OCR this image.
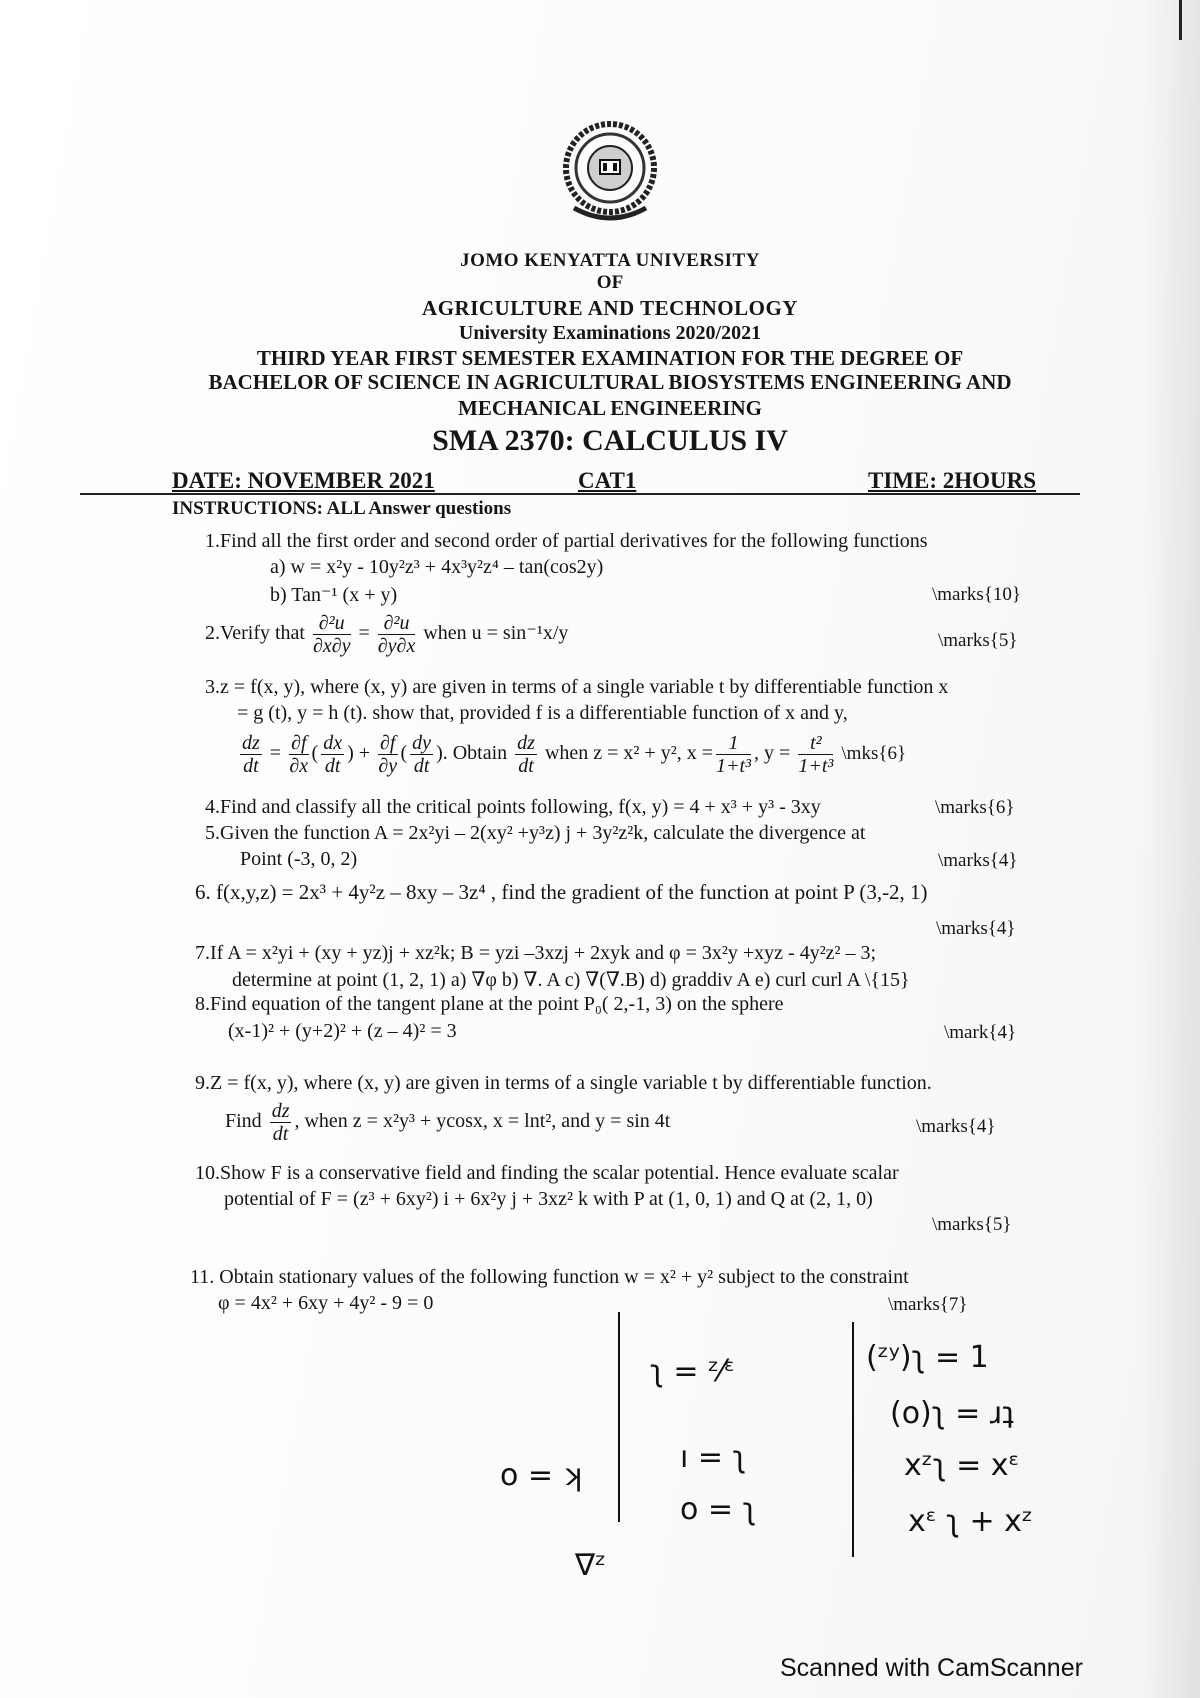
JOMO KENYATTA UNIVERSITY
OF
AGRICULTURE AND TECHNOLOGY
University Examinations 2020/2021
THIRD YEAR FIRST SEMESTER EXAMINATION FOR THE DEGREE OF
BACHELOR OF SCIENCE IN AGRICULTURAL BIOSYSTEMS ENGINEERING AND
MECHANICAL ENGINEERING
SMA 2370: CALCULUS IV
DATE: NOVEMBER 2021	CAT1	TIME: 2HOURS
INSTRUCTIONS: ALL Answer questions
1.Find all the first order and second order of partial derivatives for the following functions
a) w = x²y - 10y²z³ + 4x³y²z⁴ – tan(cos2y)
b) Tan⁻¹ (x + y)	\marks{10}
2.Verify that $\frac{\text{∂²u}}{\partial x\partial y} = \frac{\text{∂²u}}{\partial y\partial x}$ when u = sin⁻¹x/y	\marks{5}
3.z = f(x, y), where (x, y) are given in terms of a single variable t by differentiable function x
= g (t), y = h (t). show that, provided f is a differentiable function of x and y,
$\frac{dz}{dt} = \frac{\partial f}{\partial x}$ ( $\frac{dx}{dt}$ ) + $\frac{\partial f}{\partial y}$ ( $\frac{dy}{dt}$ ). Obtain $\frac{dz}{dt}$ when z = x² + y², $x = \frac{1}{\text{1+t³}}$ , $y = \frac{\text{t²}}{\text{1+t³}}$ \mks{6}
4.Find and classify all the critical points following, f(x, y) = 4 + x³ + y³ - 3xy	\marks{6}
5.Given the function A = 2x²yi – 2(xy² +y³z) j + 3y²z²k, calculate the divergence at
Point (-3, 0, 2)	\marks{4}
6. f(x,y,z) = 2x³ + 4y²z – 8xy – 3z⁴ , find the gradient of the function at point P (3,-2, 1)
\marks{4}
7.If A = x²yi + (xy + yz)j + xz²k; B = yzi –3xzj + 2xyk and φ = 3x²y +xyz - 4y²z² – 3;
determine at point (1, 2, 1) a) ∇φ b) ∇. A c) ∇(∇.B) d) graddiv A e) curl curl A \{15}
8.Find equation of the tangent plane at the point P₀( 2,-1, 3) on the sphere
(x-1)² + (y+2)² + (z – 4)² = 3	\mark{4}
9.Z = f(x, y), where (x, y) are given in terms of a single variable t by differentiable function.
Find $\frac{dz}{dt}$ , when z = x²y³ + ycosx, x = lnt², and y = sin 4t	\marks{4}
10.Show F is a conservative field and finding the scalar potential. Hence evaluate scalar
potential of F = (z³ + 6xy²) i + 6x²y j + 3xz² k with P at (1, 0, 1) and Q at (2, 1, 0)
\marks{5}
11. Obtain stationary values of the following function w = x² + y² subject to the constraint
φ = 4x² + 6xy + 4y² - 9 = 0	\marks{7}
o = ʞ
ʅ = ᶻ⁄ᵋ
ı = ʅ
o = ʅ
∇ᶻ
(ᶻʸ)ʅ = 1
(o)ʅ = ɹʇ
xᶻʅ = xᵋ
xᵋ ʅ + xᶻ
Scanned with CamScanner
